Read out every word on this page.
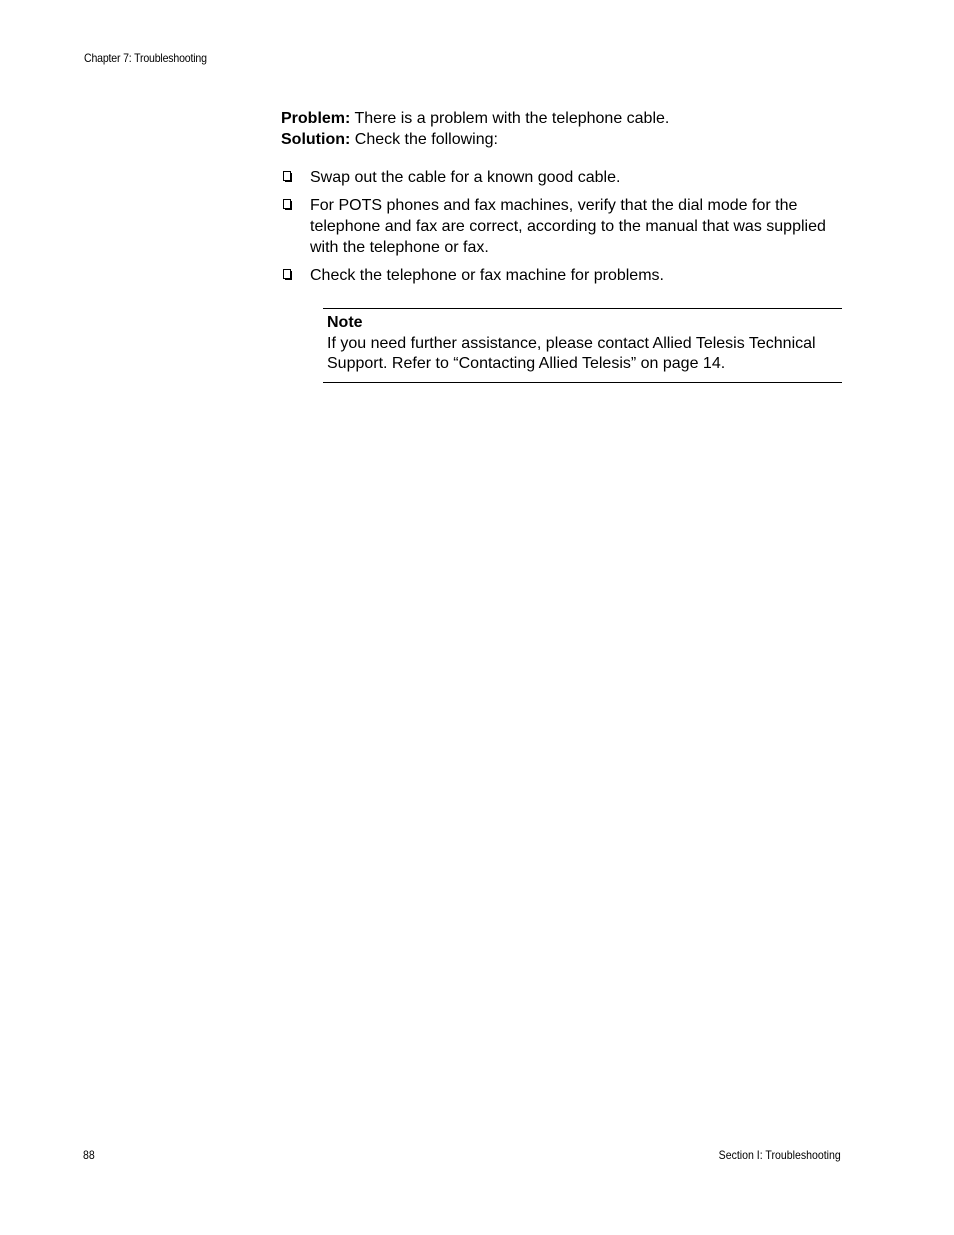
Chapter 7: Troubleshooting

Problem: There is a problem with the telephone cable.

Solution: Check the following:

Swap out the cable for a known good cable.
For POTS phones and fax machines, verify that the dial mode for the telephone and fax are correct, according to the manual that was supplied with the telephone or fax.
Check the telephone or fax machine for problems.

Note

If you need further assistance, please contact Allied Telesis Technical Support. Refer to “Contacting Allied Telesis” on page 14.

88	Section I: Troubleshooting
